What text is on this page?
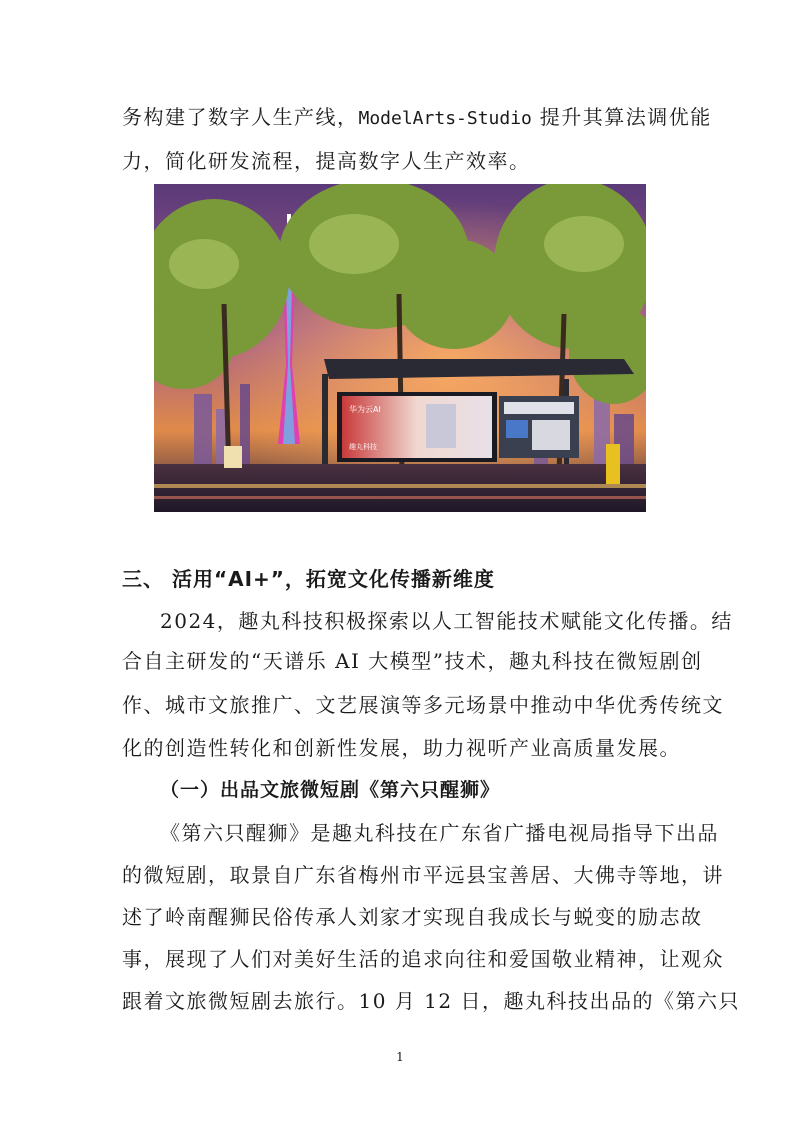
务构建了数字人生产线，ModelArts-Studio 提升其算法调优能
力，简化研发流程，提高数字人生产效率。
华为云AI
趣丸科技
三、 活用“AI+”，拓宽文化传播新维度
2024，趣丸科技积极探索以人工智能技术赋能文化传播。结
合自主研发的“天谱乐 AI 大模型”技术，趣丸科技在微短剧创
作、城市文旅推广、文艺展演等多元场景中推动中华优秀传统文
化的创造性转化和创新性发展，助力视听产业高质量发展。
（一）出品文旅微短剧《第六只醒狮》
《第六只醒狮》是趣丸科技在广东省广播电视局指导下出品
的微短剧，取景自广东省梅州市平远县宝善居、大佛寺等地，讲
述了岭南醒狮民俗传承人刘家才实现自我成长与蜕变的励志故
事，展现了人们对美好生活的追求向往和爱国敬业精神，让观众
跟着文旅微短剧去旅行。10 月 12 日，趣丸科技出品的《第六只
1
